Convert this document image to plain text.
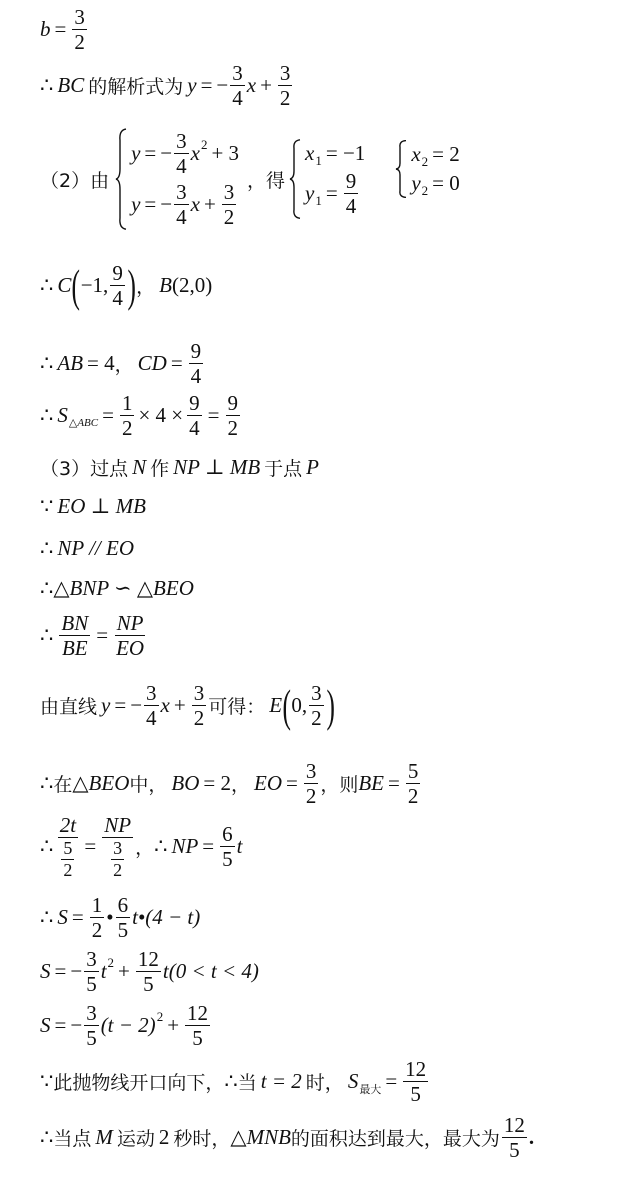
$b = \frac{3}{2}$
∴ BC 的解析式为 y = − $\frac{3}{4}$ $x + \frac{3}{2}$
（2）由
y = − $\frac{3}{4}$ x 2 + 3
y = − $\frac{3}{4}$ $x + \frac{3}{2}$
，得
x 1 = −1
y $1 = \frac{9}{4}$
x 2 = 2
y 2 = 0
∴ C ( −1, $\frac{9}{4}$ ) ， B (2,0)
∴ AB = 4 ， CD = $\frac{9}{4}$
∴ S △ABC = $\frac{1}{2} \times 4 \times \frac{9}{4} = \frac{9}{2}$
（3）过点 N 作 NP ⊥ MB 于点 P
∵ EO ⊥ MB
∴ NP // EO
∴ △BNP ∽ △BEO
∴ $\frac{BN}{BE} = \frac{NP}{EO}$
由直线 y = − $\frac{3}{4}$ $x + \frac{3}{2}$ 可得： E ( 0, $\frac{3}{2}$ )
∴ 在 △BEO 中， BO = 2 ， EO = $\frac{3}{2}$ ，则 BE = $\frac{5}{2}$
∴ $\frac{2t}{\frac{5}{2}} = \frac{NP}{\frac{3}{2}}$ ， ∴ NP = $\frac{6}{5}$ t
∴ $S = \frac{1}{2}$ • $\frac{6}{5}$ t•(4 − t)
S = − $\frac{3}{5}$ t $2 + \frac{12}{5} t(0 < t < 4)$
S = − $\frac{3}{5} (t - 2) 2 + \frac{12}{5}$
∵ 此抛物线开口向下， ∴ 当 t = 2 时， S 最大 = $\frac{12}{5}$
∴ 当点 M 运动 2 秒时， △MNB 的面积达到最大，最大为 $\frac{12}{5}$ .
